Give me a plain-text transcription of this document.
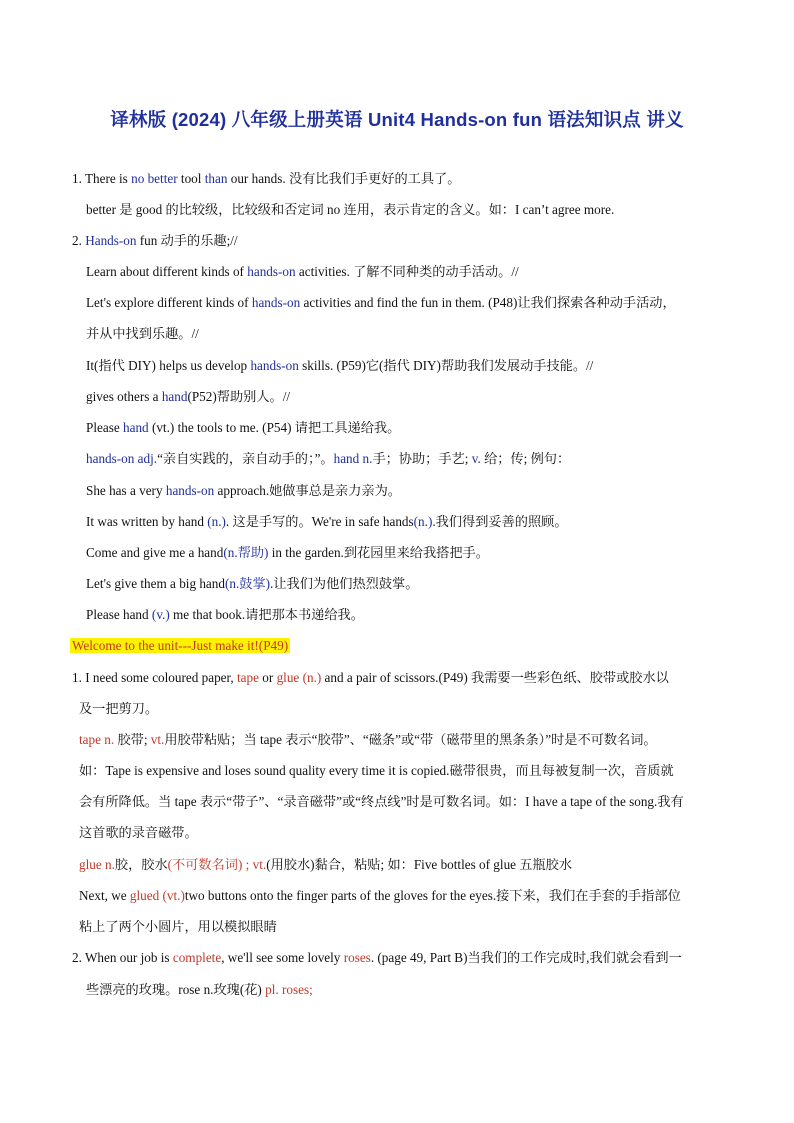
译林版 (2024) 八年级上册英语 Unit4 Hands-on fun 语法知识点 讲义
1. There is no better tool than our hands. 没有比我们手更好的工具了。
better 是 good 的比较级，比较级和否定词 no 连用，表示肯定的含义。如：I can’t agree more.
2. Hands-on fun 动手的乐趣;//
Learn about different kinds of hands-on activities. 了解不同种类的动手活动。//
Let's explore different kinds of hands-on activities and find the fun in them. (P48)让我们探索各种动手活动，
并从中找到乐趣。//
It(指代 DIY) helps us develop hands-on skills. (P59)它(指代 DIY)帮助我们发展动手技能。//
gives others a hand(P52)帮助别人。//
Please hand (vt.) the tools to me. (P54) 请把工具递给我。
hands-on adj.“亲自实践的，亲自动手的；”。hand n.手；协助；手艺; v. 给；传; 例句：
She has a very hands-on approach.她做事总是亲力亲为。
It was written by hand (n.). 这是手写的。We're in safe hands(n.).我们得到妥善的照顾。
Come and give me a hand(n.帮助) in the garden.到花园里来给我搭把手。
Let's give them a big hand(n.鼓掌).让我们为他们热烈鼓掌。
Please hand (v.) me that book.请把那本书递给我。
Welcome to the unit---Just make it!(P49)
1. I need some coloured paper, tape or glue (n.) and a pair of scissors.(P49) 我需要一些彩色纸、胶带或胶水以
及一把剪刀。
tape n. 胶带; vt.用胶带粘贴；当 tape 表示“胶带”、“磁条”或“带（磁带里的黑条条）”时是不可数名词。
如：Tape is expensive and loses sound quality every time it is copied.磁带很贵，而且每被复制一次，音质就
会有所降低。当 tape 表示“带子”、“录音磁带”或“终点线”时是可数名词。如：I have a tape of the song.我有
这首歌的录音磁带。
glue n.胶，胶水(不可数名词) ; vt.(用胶水)黏合，粘贴; 如：Five bottles of glue 五瓶胶水
Next, we glued (vt.)two buttons onto the finger parts of the gloves for the eyes.接下来，我们在手套的手指部位
粘上了两个小圆片，用以模拟眼睛
2. When our job is complete, we'll see some lovely roses. (page 49, Part B)当我们的工作完成时,我们就会看到一
些漂亮的玫瑰。rose n.玫瑰(花) pl. roses;
